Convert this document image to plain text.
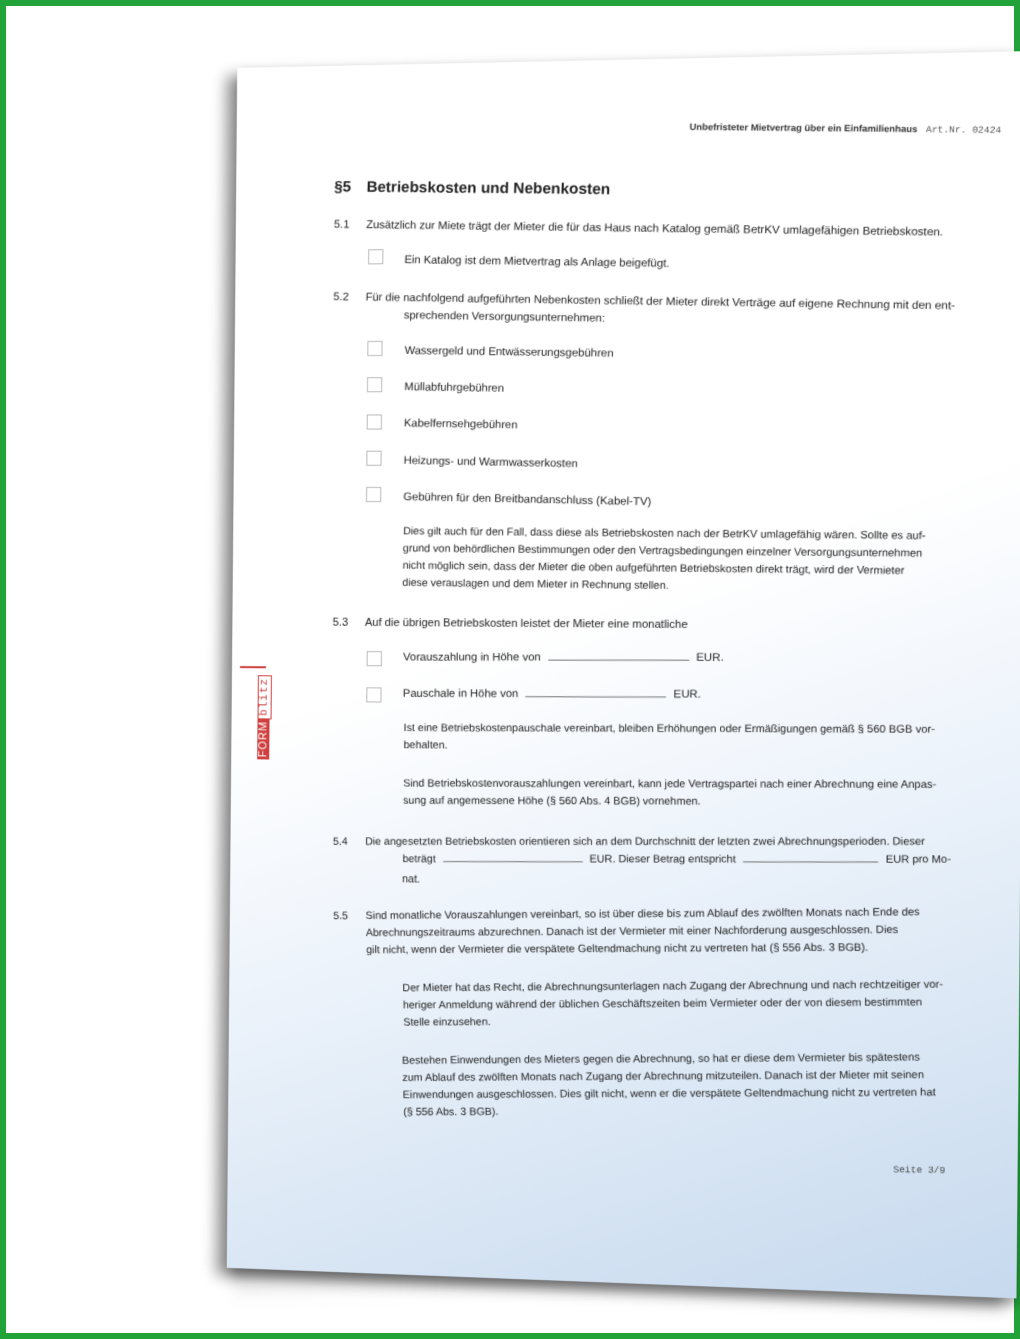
FORMblitz
Unbefristeter Mietvertrag über ein Einfamilienhaus Art.Nr. 02424
§5 Betriebskosten und Nebenkosten
5.1 Zusätzlich zur Miete trägt der Mieter die für das Haus nach Katalog gemäß BetrKV umlagefähigen Betriebskosten.
Ein Katalog ist dem Mietvertrag als Anlage beigefügt.
5.2 Für die nachfolgend aufgeführten Nebenkosten schließt der Mieter direkt Verträge auf eigene Rechnung mit den ent-
sprechenden Versorgungsunternehmen:
Wassergeld und Entwässerungsgebühren
Müllabfuhrgebühren
Kabelfernsehgebühren
Heizungs- und Warmwasserkosten
Gebühren für den Breitbandanschluss (Kabel-TV)
Dies gilt auch für den Fall, dass diese als Betriebskosten nach der BetrKV umlagefähig wären. Sollte es auf-
grund von behördlichen Bestimmungen oder den Vertragsbedingungen einzelner Versorgungsunternehmen
nicht möglich sein, dass der Mieter die oben aufgeführten Betriebskosten direkt trägt, wird der Vermieter
diese verauslagen und dem Mieter in Rechnung stellen.
5.3 Auf die übrigen Betriebskosten leistet der Mieter eine monatliche
Vorauszahlung in Höhe von	EUR.
Pauschale in Höhe von	EUR.
Ist eine Betriebskostenpauschale vereinbart, bleiben Erhöhungen oder Ermäßigungen gemäß § 560 BGB vor-
behalten.
Sind Betriebskostenvorauszahlungen vereinbart, kann jede Vertragspartei nach einer Abrechnung eine Anpas-
sung auf angemessene Höhe (§ 560 Abs. 4 BGB) vornehmen.
5.4 Die angesetzten Betriebskosten orientieren sich an dem Durchschnitt der letzten zwei Abrechnungsperioden. Dieser
beträgt	EUR. Dieser Betrag entspricht	EUR pro Mo-
nat.
5.5 Sind monatliche Vorauszahlungen vereinbart, so ist über diese bis zum Ablauf des zwölften Monats nach Ende des
Abrechnungszeitraums abzurechnen. Danach ist der Vermieter mit einer Nachforderung ausgeschlossen. Dies
gilt nicht, wenn der Vermieter die verspätete Geltendmachung nicht zu vertreten hat (§ 556 Abs. 3 BGB).
Der Mieter hat das Recht, die Abrechnungsunterlagen nach Zugang der Abrechnung und nach rechtzeitiger vor-
heriger Anmeldung während der üblichen Geschäftszeiten beim Vermieter oder der von diesem bestimmten
Stelle einzusehen.
Bestehen Einwendungen des Mieters gegen die Abrechnung, so hat er diese dem Vermieter bis spätestens
zum Ablauf des zwölften Monats nach Zugang der Abrechnung mitzuteilen. Danach ist der Mieter mit seinen
Einwendungen ausgeschlossen. Dies gilt nicht, wenn er die verspätete Geltendmachung nicht zu vertreten hat
(§ 556 Abs. 3 BGB).
Seite 3/9
